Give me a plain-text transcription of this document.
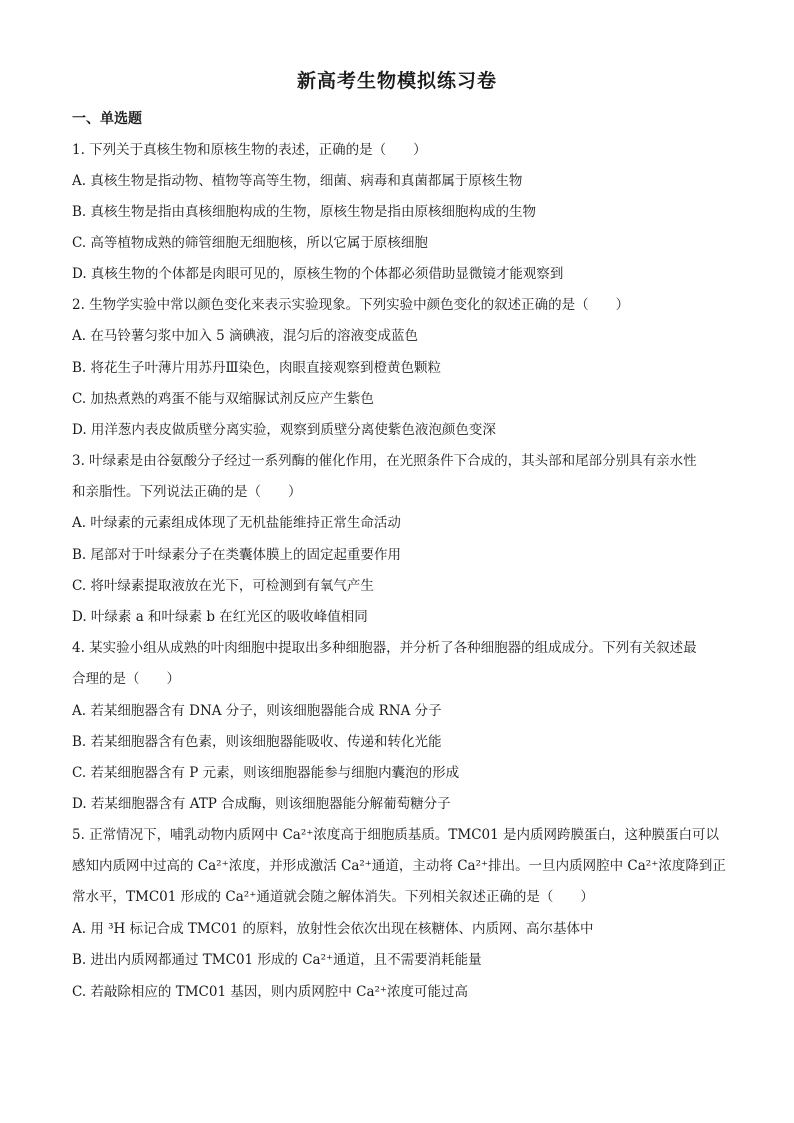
新高考生物模拟练习卷
一、单选题
1. 下列关于真核生物和原核生物的表述，正确的是（　　）
A. 真核生物是指动物、植物等高等生物，细菌、病毒和真菌都属于原核生物
B. 真核生物是指由真核细胞构成的生物，原核生物是指由原核细胞构成的生物
C. 高等植物成熟的筛管细胞无细胞核，所以它属于原核细胞
D. 真核生物的个体都是肉眼可见的，原核生物的个体都必须借助显微镜才能观察到
2. 生物学实验中常以颜色变化来表示实验现象。下列实验中颜色变化的叙述正确的是（　　）
A. 在马铃薯匀浆中加入 5 滴碘液，混匀后的溶液变成蓝色
B. 将花生子叶薄片用苏丹Ⅲ染色，肉眼直接观察到橙黄色颗粒
C. 加热煮熟的鸡蛋不能与双缩脲试剂反应产生紫色
D. 用洋葱内表皮做质壁分离实验，观察到质壁分离使紫色液泡颜色变深
3. 叶绿素是由谷氨酸分子经过一系列酶的催化作用，在光照条件下合成的，其头部和尾部分别具有亲水性
和亲脂性。下列说法正确的是（　　）
A. 叶绿素的元素组成体现了无机盐能维持正常生命活动
B. 尾部对于叶绿素分子在类囊体膜上的固定起重要作用
C. 将叶绿素提取液放在光下，可检测到有氧气产生
D. 叶绿素 a 和叶绿素 b 在红光区的吸收峰值相同
4. 某实验小组从成熟的叶肉细胞中提取出多种细胞器，并分析了各种细胞器的组成成分。下列有关叙述最
合理的是（　　）
A. 若某细胞器含有 DNA 分子，则该细胞器能合成 RNA 分子
B. 若某细胞器含有色素，则该细胞器能吸收、传递和转化光能
C. 若某细胞器含有 P 元素，则该细胞器能参与细胞内囊泡的形成
D. 若某细胞器含有 ATP 合成酶，则该细胞器能分解葡萄糖分子
5. 正常情况下，哺乳动物内质网中 Ca²⁺浓度高于细胞质基质。TMC01 是内质网跨膜蛋白，这种膜蛋白可以
感知内质网中过高的 Ca²⁺浓度，并形成激活 Ca²⁺通道，主动将 Ca²⁺排出。一旦内质网腔中 Ca²⁺浓度降到正
常水平，TMC01 形成的 Ca²⁺通道就会随之解体消失。下列相关叙述正确的是（　　）
A. 用 ³H 标记合成 TMC01 的原料，放射性会依次出现在核糖体、内质网、高尔基体中
B. 进出内质网都通过 TMC01 形成的 Ca²⁺通道，且不需要消耗能量
C. 若敲除相应的 TMC01 基因，则内质网腔中 Ca²⁺浓度可能过高
